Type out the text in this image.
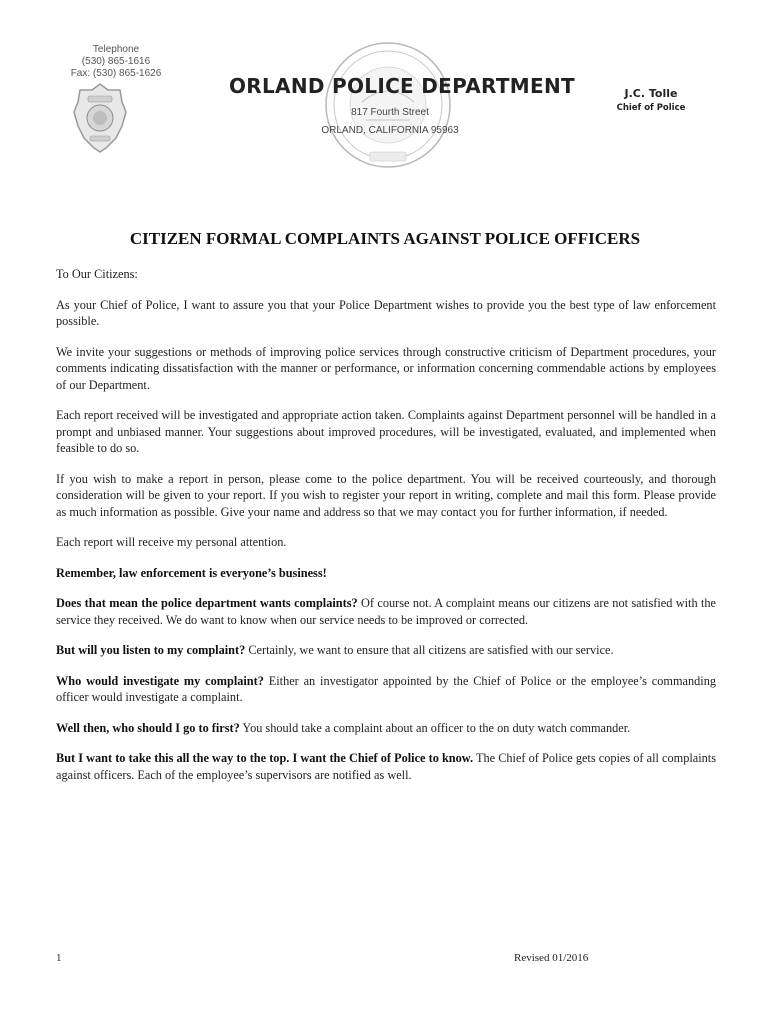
Telephone
(530) 865-1616
Fax: (530) 865-1626
ORLAND POLICE DEPARTMENT
817 Fourth Street
ORLAND, CALIFORNIA 95963
J.C. Tolle
Chief of Police
CITIZEN FORMAL COMPLAINTS AGAINST POLICE OFFICERS

To Our Citizens:

As your Chief of Police, I want to assure you that your Police Department wishes to provide you the best type of law enforcement possible.

We invite your suggestions or methods of improving police services through constructive criticism of Department procedures, your comments indicating dissatisfaction with the manner or performance, or information concerning commendable actions by employees of our Department.

Each report received will be investigated and appropriate action taken. Complaints against Department personnel will be handled in a prompt and unbiased manner. Your suggestions about improved procedures, will be investigated, evaluated, and implemented when feasible to do so.

If you wish to make a report in person, please come to the police department. You will be received courteously, and thorough consideration will be given to your report. If you wish to register your report in writing, complete and mail this form. Please provide as much information as possible. Give your name and address so that we may contact you for further information, if needed.

Each report will receive my personal attention.

Remember, law enforcement is everyone’s business!

Does that mean the police department wants complaints? Of course not. A complaint means our citizens are not satisfied with the service they received. We do want to know when our service needs to be improved or corrected.

But will you listen to my complaint? Certainly, we want to ensure that all citizens are satisfied with our service.

Who would investigate my complaint? Either an investigator appointed by the Chief of Police or the employee’s commanding officer would investigate a complaint.

Well then, who should I go to first? You should take a complaint about an officer to the on duty watch commander.

But I want to take this all the way to the top. I want the Chief of Police to know. The Chief of Police gets copies of all complaints against officers. Each of the employee’s supervisors are notified as well.

1	Revised 01/2016
